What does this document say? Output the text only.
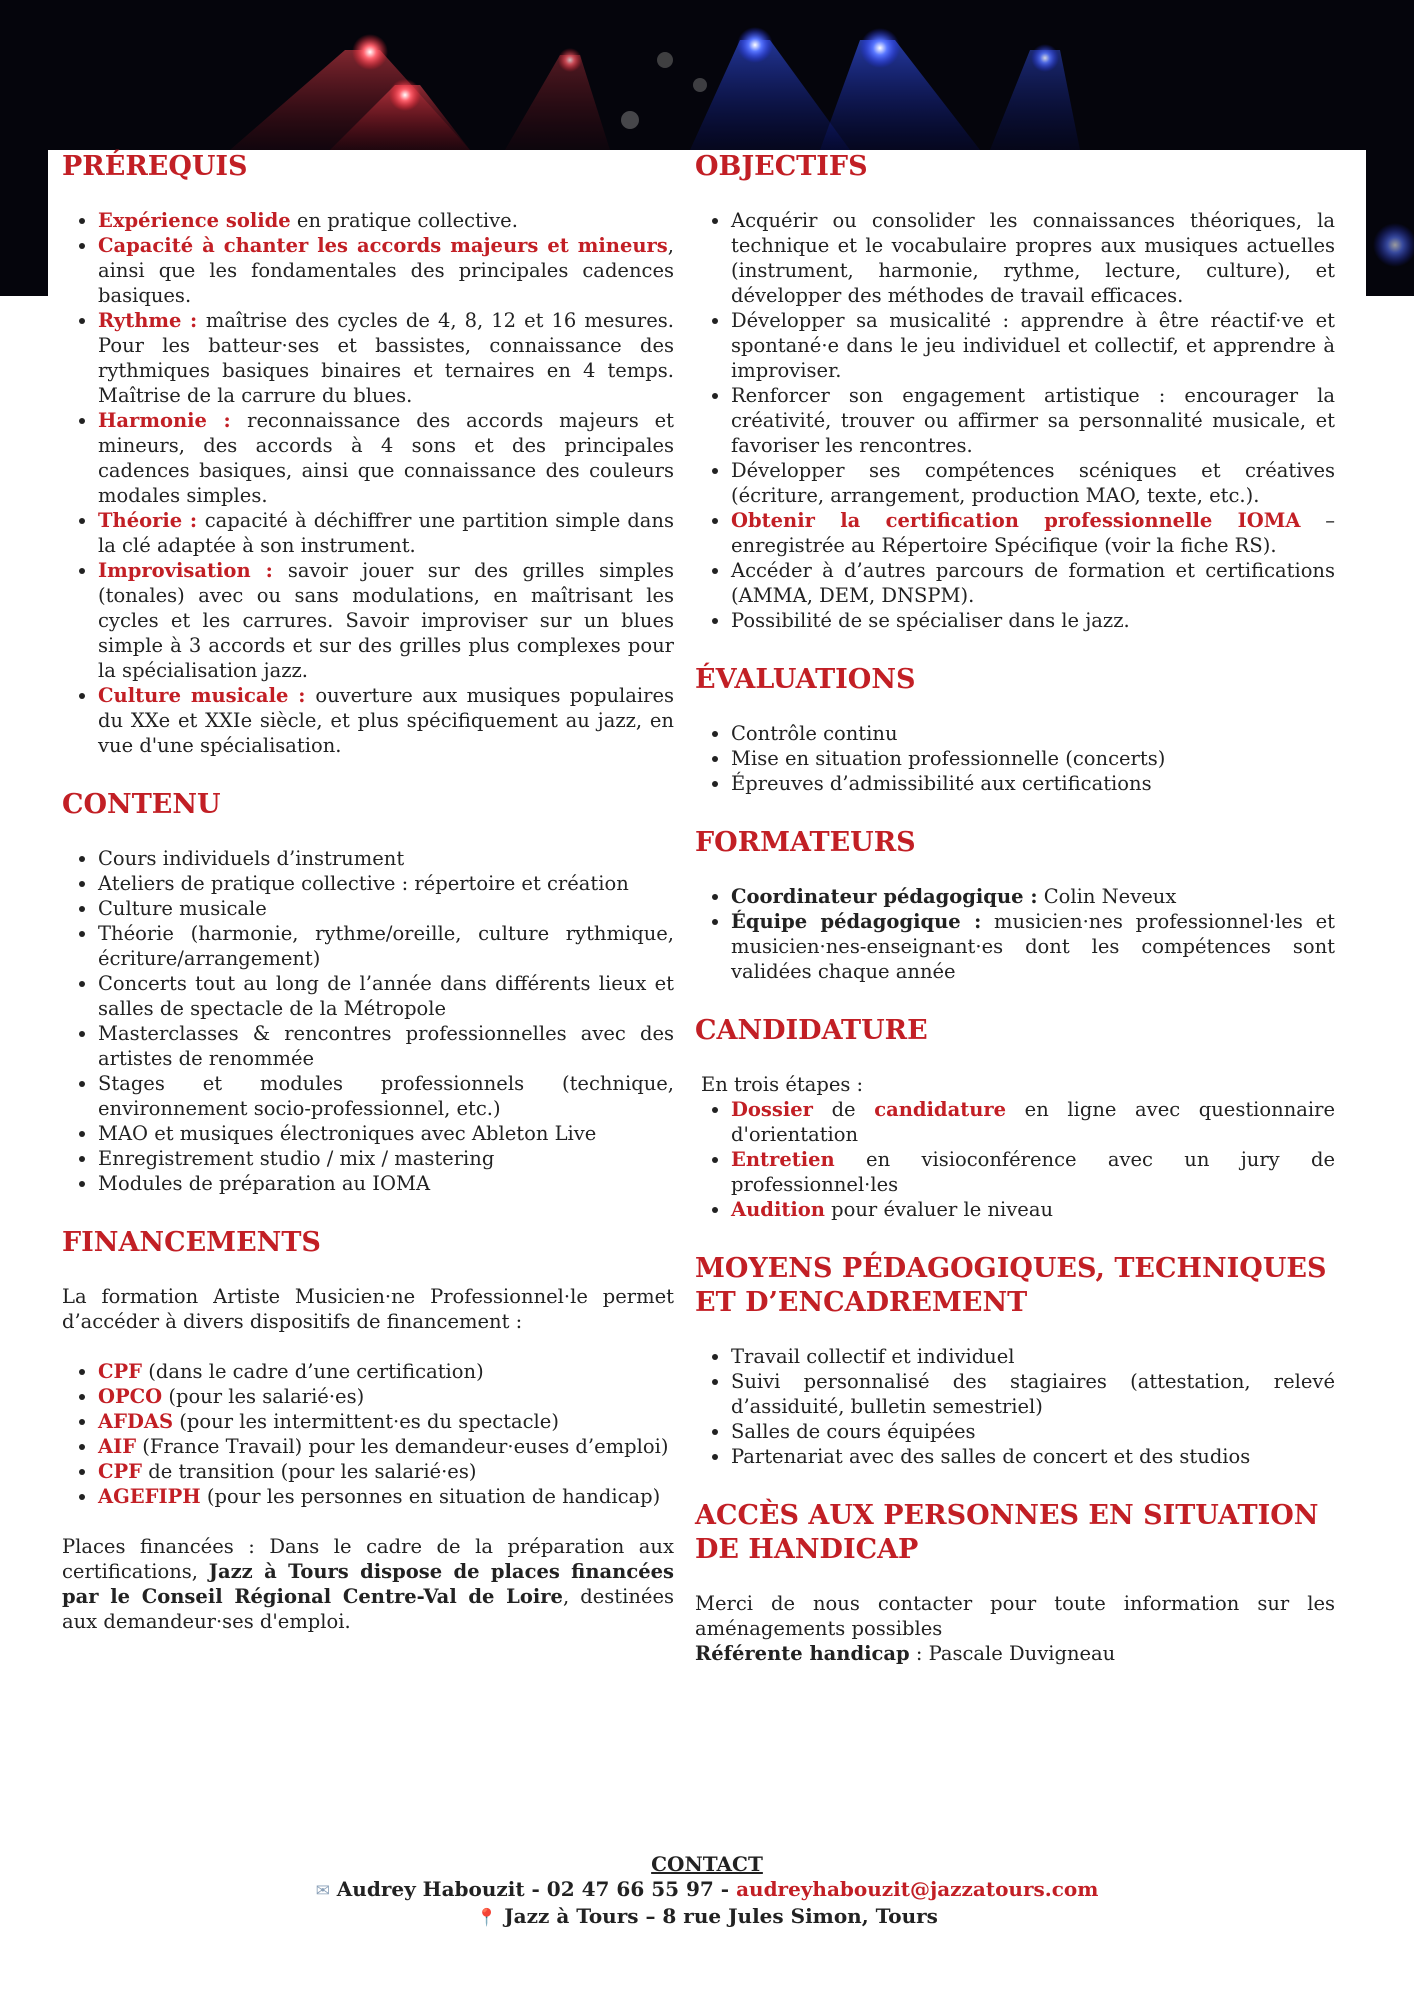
PRÉREQUIS
• Expérience solide en pratique collective.
• Capacité à chanter les accords majeurs et mineurs, ainsi que les fondamentales des principales cadences basiques.
• Rythme : maîtrise des cycles de 4, 8, 12 et 16 mesures. Pour les batteur·ses et bassistes, connaissance des rythmiques basiques binaires et ternaires en 4 temps. Maîtrise de la carrure du blues.
• Harmonie : reconnaissance des accords majeurs et mineurs, des accords à 4 sons et des principales cadences basiques, ainsi que connaissance des couleurs modales simples.
• Théorie : capacité à déchiffrer une partition simple dans la clé adaptée à son instrument.
• Improvisation : savoir jouer sur des grilles simples (tonales) avec ou sans modulations, en maîtrisant les cycles et les carrures. Savoir improviser sur un blues simple à 3 accords et sur des grilles plus complexes pour la spécialisation jazz.
• Culture musicale : ouverture aux musiques populaires du XXe et XXIe siècle, et plus spécifiquement au jazz, en vue d'une spécialisation.
CONTENU
• Cours individuels d’instrument
• Ateliers de pratique collective : répertoire et création
• Culture musicale
• Théorie (harmonie, rythme/oreille, culture rythmique, écriture/arrangement)
• Concerts tout au long de l’année dans différents lieux et salles de spectacle de la Métropole
• Masterclasses & rencontres professionnelles avec des artistes de renommée
• Stages et modules professionnels (technique, environnement socio-professionnel, etc.)
• MAO et musiques électroniques avec Ableton Live
• Enregistrement studio / mix / mastering
• Modules de préparation au IOMA
FINANCEMENTS

La formation Artiste Musicien·ne Professionnel·le permet d’accéder à divers dispositifs de financement :

• CPF (dans le cadre d’une certification)
• OPCO (pour les salarié·es)
• AFDAS (pour les intermittent·es du spectacle)
• AIF (France Travail) pour les demandeur·euses d’emploi)
• CPF de transition (pour les salarié·es)
• AGEFIPH (pour les personnes en situation de handicap)

Places financées : Dans le cadre de la préparation aux certifications, Jazz à Tours dispose de places financées par le Conseil Régional Centre-Val de Loire, destinées aux demandeur·ses d'emploi.

OBJECTIFS
• Acquérir ou consolider les connaissances théoriques, la technique et le vocabulaire propres aux musiques actuelles (instrument, harmonie, rythme, lecture, culture), et développer des méthodes de travail efficaces.
• Développer sa musicalité : apprendre à être réactif·ve et spontané·e dans le jeu individuel et collectif, et apprendre à improviser.
• Renforcer son engagement artistique : encourager la créativité, trouver ou affirmer sa personnalité musicale, et favoriser les rencontres.
• Développer ses compétences scéniques et créatives (écriture, arrangement, production MAO, texte, etc.).
• Obtenir la certification professionnelle IOMA – enregistrée au Répertoire Spécifique (voir la fiche RS).
• Accéder à d’autres parcours de formation et certifications (AMMA, DEM, DNSPM).
• Possibilité de se spécialiser dans le jazz.
ÉVALUATIONS
• Contrôle continu
• Mise en situation professionnelle (concerts)
• Épreuves d’admissibilité aux certifications
FORMATEURS
• Coordinateur pédagogique : Colin Neveux
• Équipe pédagogique : musicien·nes professionnel·les et musicien·nes-enseignant·es dont les compétences sont validées chaque année
CANDIDATURE

En trois étapes :

• Dossier de candidature en ligne avec questionnaire d'orientation
• Entretien en visioconférence avec un jury de professionnel·les
• Audition pour évaluer le niveau
MOYENS PÉDAGOGIQUES, TECHNIQUES ET D’ENCADREMENT
• Travail collectif et individuel
• Suivi personnalisé des stagiaires (attestation, relevé d’assiduité, bulletin semestriel)
• Salles de cours équipées
• Partenariat avec des salles de concert et des studios
ACCÈS AUX PERSONNES EN SITUATION DE HANDICAP

Merci de nous contacter pour toute information sur les aménagements possibles

Référente handicap : Pascale Duvigneau

CONTACT
✉ Audrey Habouzit - 02 47 66 55 97 - audreyhabouzit@jazzatours.com
📍 Jazz à Tours – 8 rue Jules Simon, Tours
